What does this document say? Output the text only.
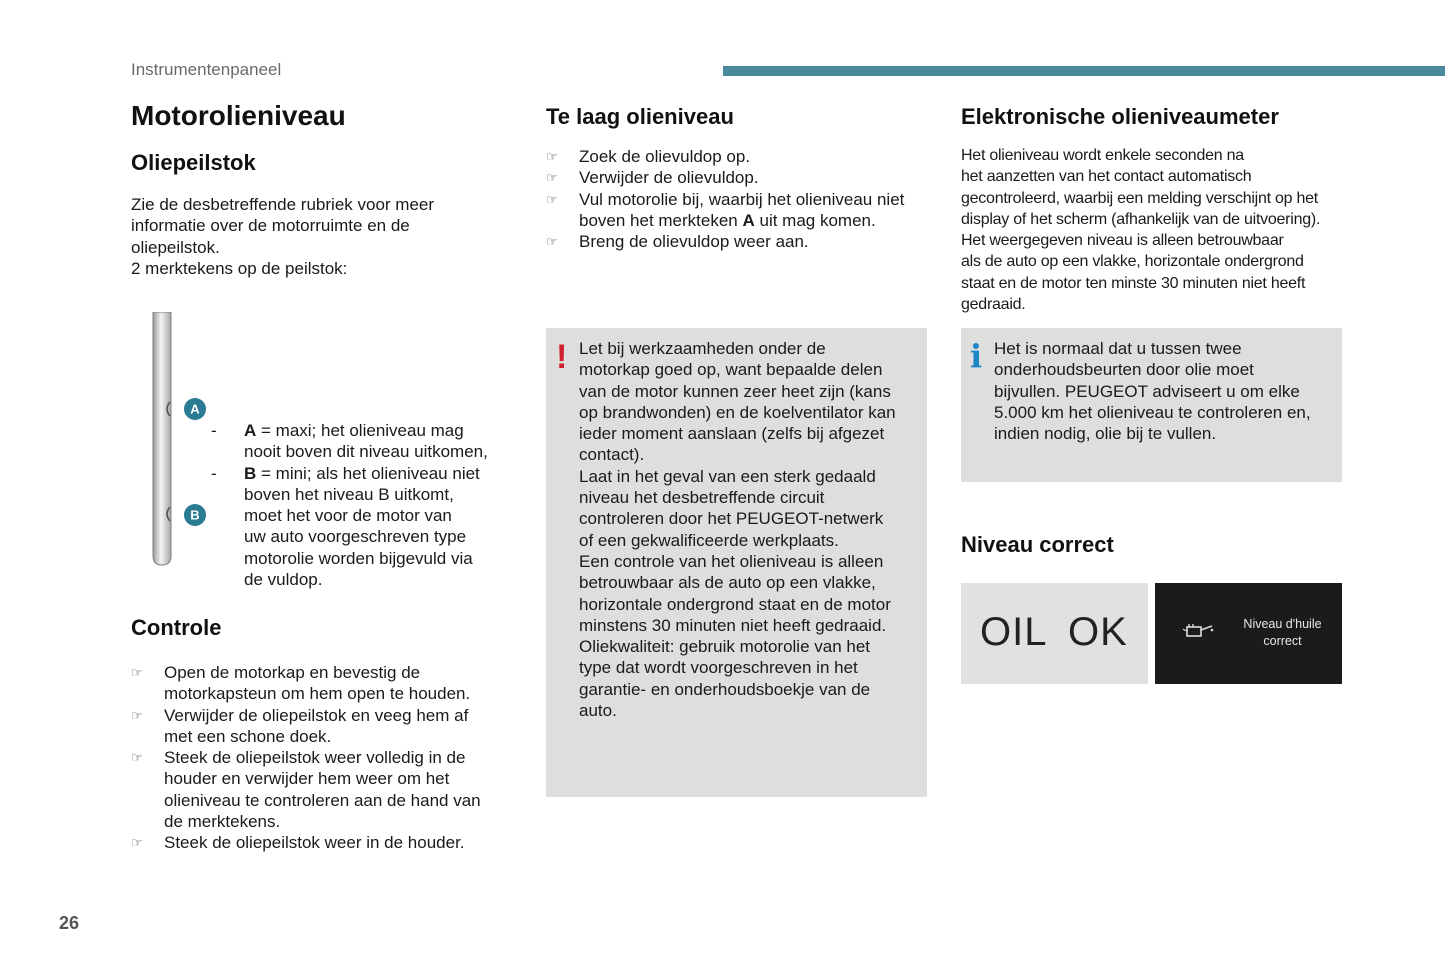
Instrumentenpaneel
Motorolieniveau
Oliepeilstok
Zie de desbetreffende rubriek voor meer
informatie over de motorruimte en de
oliepeilstok.
2 merktekens op de peilstok:
A
B
- A = maxi; het olieniveau mag
nooit boven dit niveau uitkomen,
- B = mini; als het olieniveau niet
boven het niveau B uitkomt,
moet het voor de motor van
uw auto voorgeschreven type
motorolie worden bijgevuld via
de vuldop.
Controle
☞ Open de motorkap en bevestig de
motorkapsteun om hem open te houden.
☞ Verwijder de oliepeilstok en veeg hem af
met een schone doek.
☞ Steek de oliepeilstok weer volledig in de
houder en verwijder hem weer om het
olieniveau te controleren aan de hand van
de merktekens.
☞ Steek de oliepeilstok weer in de houder.
Te laag olieniveau
☞ Zoek de olievuldop op.
☞ Verwijder de olievuldop.
☞ Vul motorolie bij, waarbij het olieniveau niet
boven het merkteken A uit mag komen.
☞ Breng de olievuldop weer aan.
! Let bij werkzaamheden onder de
motorkap goed op, want bepaalde delen
van de motor kunnen zeer heet zijn (kans
op brandwonden) en de koelventilator kan
ieder moment aanslaan (zelfs bij afgezet
contact).
Laat in het geval van een sterk gedaald
niveau het desbetreffende circuit
controleren door het PEUGEOT-netwerk
of een gekwalificeerde werkplaats.
Een controle van het olieniveau is alleen
betrouwbaar als de auto op een vlakke,
horizontale ondergrond staat en de motor
minstens 30 minuten niet heeft gedraaid.
Oliekwaliteit: gebruik motorolie van het
type dat wordt voorgeschreven in het
garantie- en onderhoudsboekje van de
auto.
Elektronische olieniveaumeter
Het olieniveau wordt enkele seconden na
het aanzetten van het contact automatisch
gecontroleerd, waarbij een melding verschijnt op het
display of het scherm (afhankelijk van de uitvoering).
Het weergegeven niveau is alleen betrouwbaar
als de auto op een vlakke, horizontale ondergrond
staat en de motor ten minste 30 minuten niet heeft
gedraaid.
i Het is normaal dat u tussen twee
onderhoudsbeurten door olie moet
bijvullen. PEUGEOT adviseert u om elke
5.000 km het olieniveau te controleren en,
indien nodig, olie bij te vullen.
Niveau correct
OIL OK	Niveau d'huile
correct
26
